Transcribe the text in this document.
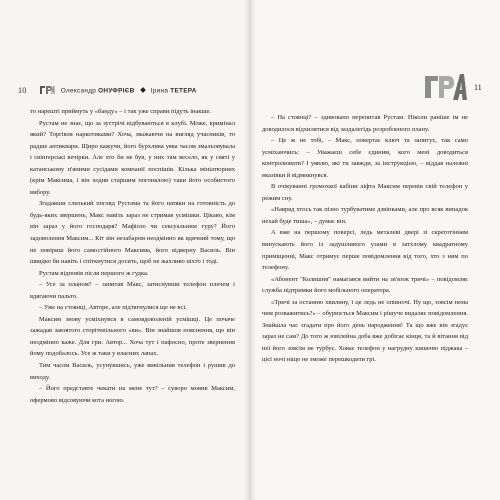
10	Олександр ОНУФРІЄВ	Ірина ТЕТЕРА

то нарешті приймуть у «банду» – і так уже справи підуть інакше.

Рустам не знає, що за зустрічі відбуваються в клубі. Може, кримінал який? Торгівля наркотиками? Хоча, зважаючи на вигляд учасників, то радше антиквари. Щиро кажучи, його бурхлива уява часом змальовувала і свінгерські вечірки. Але хто би не був, у них там весело, як у святі у катанському п'яними сусідами компанії поспішів. Кілька мініатюрних (крім Максима, і він ходив старшим погонялою) таки його особистого вибору.

Згадавши слизький погляд Рустама та його натяки на готовність до будь-яких звершень, Макс навіть зараз не стримав усмішки. Цікаво, кім він зараз у його господаря? Мафіозо чи сексуальним гуру? Його задоволення Максим... Кіт він незабаром неодмінно як вдячний тому, що не повіриш його самостійного Максима, його відверну Василь. Він швидко би навіть і спіткнутися досить, щоб не жахливо ніхто і тоді.

Рустам відповів після першого ж гудка.

– Усе за планом? – запитав Макс, затиснувши телефон плечем і вдягаючи пальто.

– Уже на стоянці, Авторе, але підтягнулися ще не всі.

Максим знову усміхнувся в самовдоволеній усмішці. Це почаче зажадав завзятого сторітевільного «ви». Він знайшов пояснення, що він неодмінно каже. Для гри. Автор... Хоча тут і пафосно, проте звернення йому подобалось. Усе ж таки у власних лапах.

Тим часом Василь, усунувшись, уже вивільнив телефон і рушив до виходу.

– Його представте чекати на мене тут? – суворо мовив Максим, офермово відсовуючи кота ногою.

– На стоянці? – здивовано перепитав Рустам. Ніколи раніше ім не доводилося відхилятися від заздалегідь розробленого плану.

– Це ж не тобі, – Макс, повертає ключ та запитує, так само усміхаючись: – Уважаєш себе єдиним, кого мені доводиться контролювати? І уявлю, які ти завжди, за інструкцією, – віддав належні вказівки й відмикнувся.

В очікуванні громохкої кабіни ліфта Максим перевів свій телефон у режим сну.

«Навряд хтось так пізно турбуватиме дзвінками, але про всяк випадок нехай буде тиша», – думає він.

А вже на першому поверсі, ледь металеві двері зі скреготінням випускають його із задушливого узами в затхлому квадратному приміщенні, Макс отримує перше повідомлення від того, хто з ним по телефону.

«Абонент "Колишня" намагався вийти на зв'язок тричі» – повідомляє служба підтримки його мобільного оператора.

«Тричі за останню хвилину, і це ледь не опівночі. Ну що, зовсім нема чим розважитись?» – обурюється Максим і рішуче видаляє повідомлення. Знайшла час згадати про його день народження! Та що вже він згадує зараз не сам? До того ж ювілейна доба вже добігає кінця, та й вітання від неї його зовсім не турбує. Ховає телефон у нагрудну кишеню піджака – цієї ночі ніщо не зможе перешкодити грі.

11
